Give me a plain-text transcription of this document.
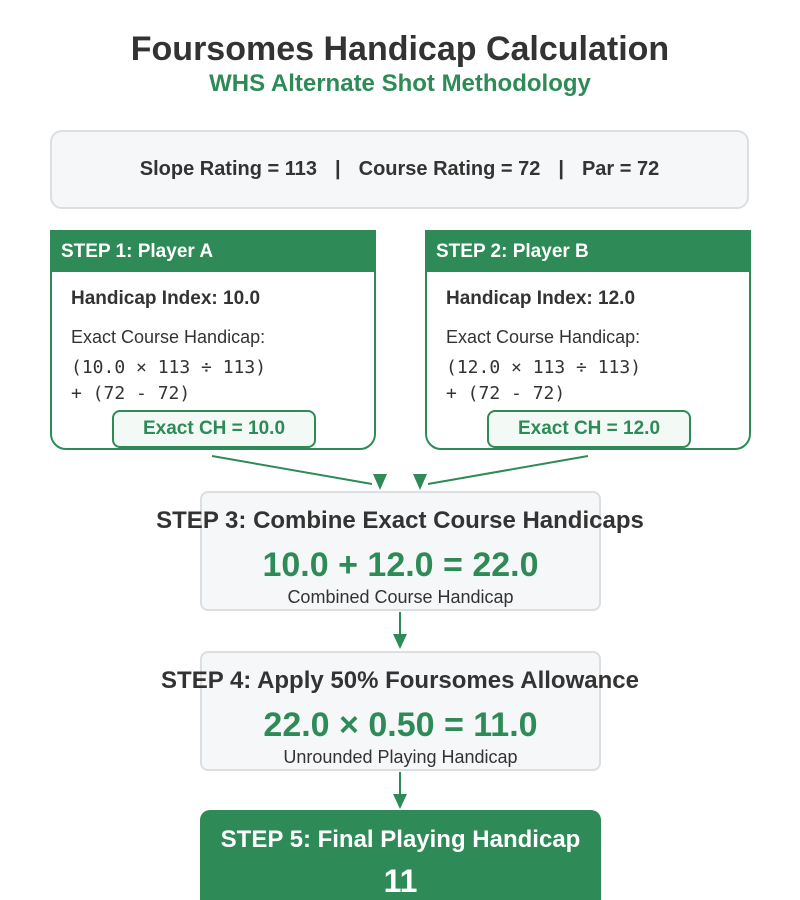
Foursomes Handicap Calculation
WHS Alternate Shot Methodology
Slope Rating = 113 | Course Rating = 72 | Par = 72
STEP 1: Player A
Handicap Index: 10.0
Exact Course Handicap:
(10.0 × 113 ÷ 113)
+ (72 - 72)
Exact CH = 10.0
STEP 2: Player B
Handicap Index: 12.0
Exact Course Handicap:
(12.0 × 113 ÷ 113)
+ (72 - 72)
Exact CH = 12.0
STEP 3: Combine Exact Course Handicaps
10.0 + 12.0 = 22.0
Combined Course Handicap
STEP 4: Apply 50% Foursomes Allowance
22.0 × 0.50 = 11.0
Unrounded Playing Handicap
STEP 5: Final Playing Handicap
11
